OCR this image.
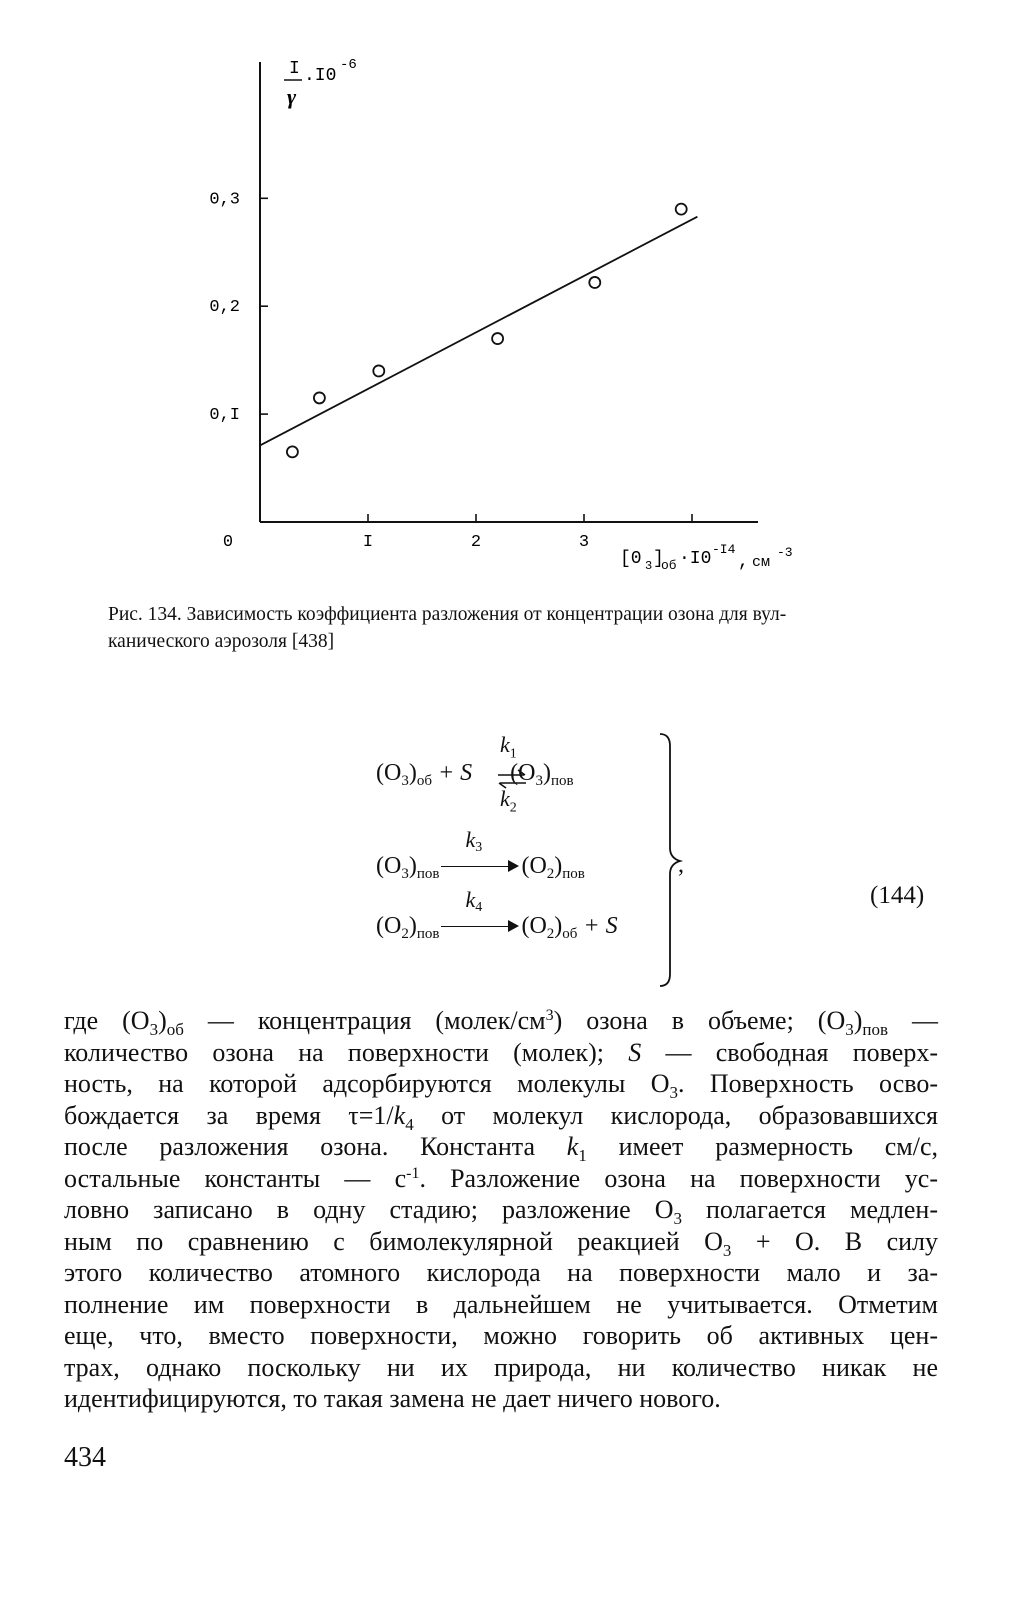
I
γ
.I0
-6
[0 3 ]
об ·I0 -I4
, см
-3
0	I	2	3
0,I
0,2
0,3
Рис. 134. Зависимость коэффициента разложения от концентрации озона для вул-
канического аэрозоля [438]
$(O_3)_{об} + S$ $(O_3)_{пов}$
$k_1$
$k_2$
$(O_3)_{пов}$
$k_3$
$(O_2)_{пов}$
$(O_2)_{пов}$
$k_4$
$(O_2)_{об} + S$
,
(144)

где $(O_3)_{об}$ — концентрация $(молек/см^3)$ озона в объеме; $(O_3)_{пов}$ —

количество озона на поверхности (молек); S — свободная поверх-

ность, на которой адсорбируются молекулы $O_3$. Поверхность осво-

бождается за время $\tau=1/k_4$ от молекул кислорода, образовавшихся

после разложения озона. Константа $k_1$ имеет размерность см/с,

остальные константы — $с^{-1}$. Разложение озона на поверхности ус-

ловно записано в одну стадию; разложение $O_3$ полагается медлен-

ным по сравнению с бимолекулярной реакцией $O_3 + O$. В силу

этого количество атомного кислорода на поверхности мало и за-

полнение им поверхности в дальнейшем не учитывается. Отметим

еще, что, вместо поверхности, можно говорить об активных цен-

трах, однако поскольку ни их природа, ни количество никак не

идентифицируются, то такая замена не дает ничего нового.

434
